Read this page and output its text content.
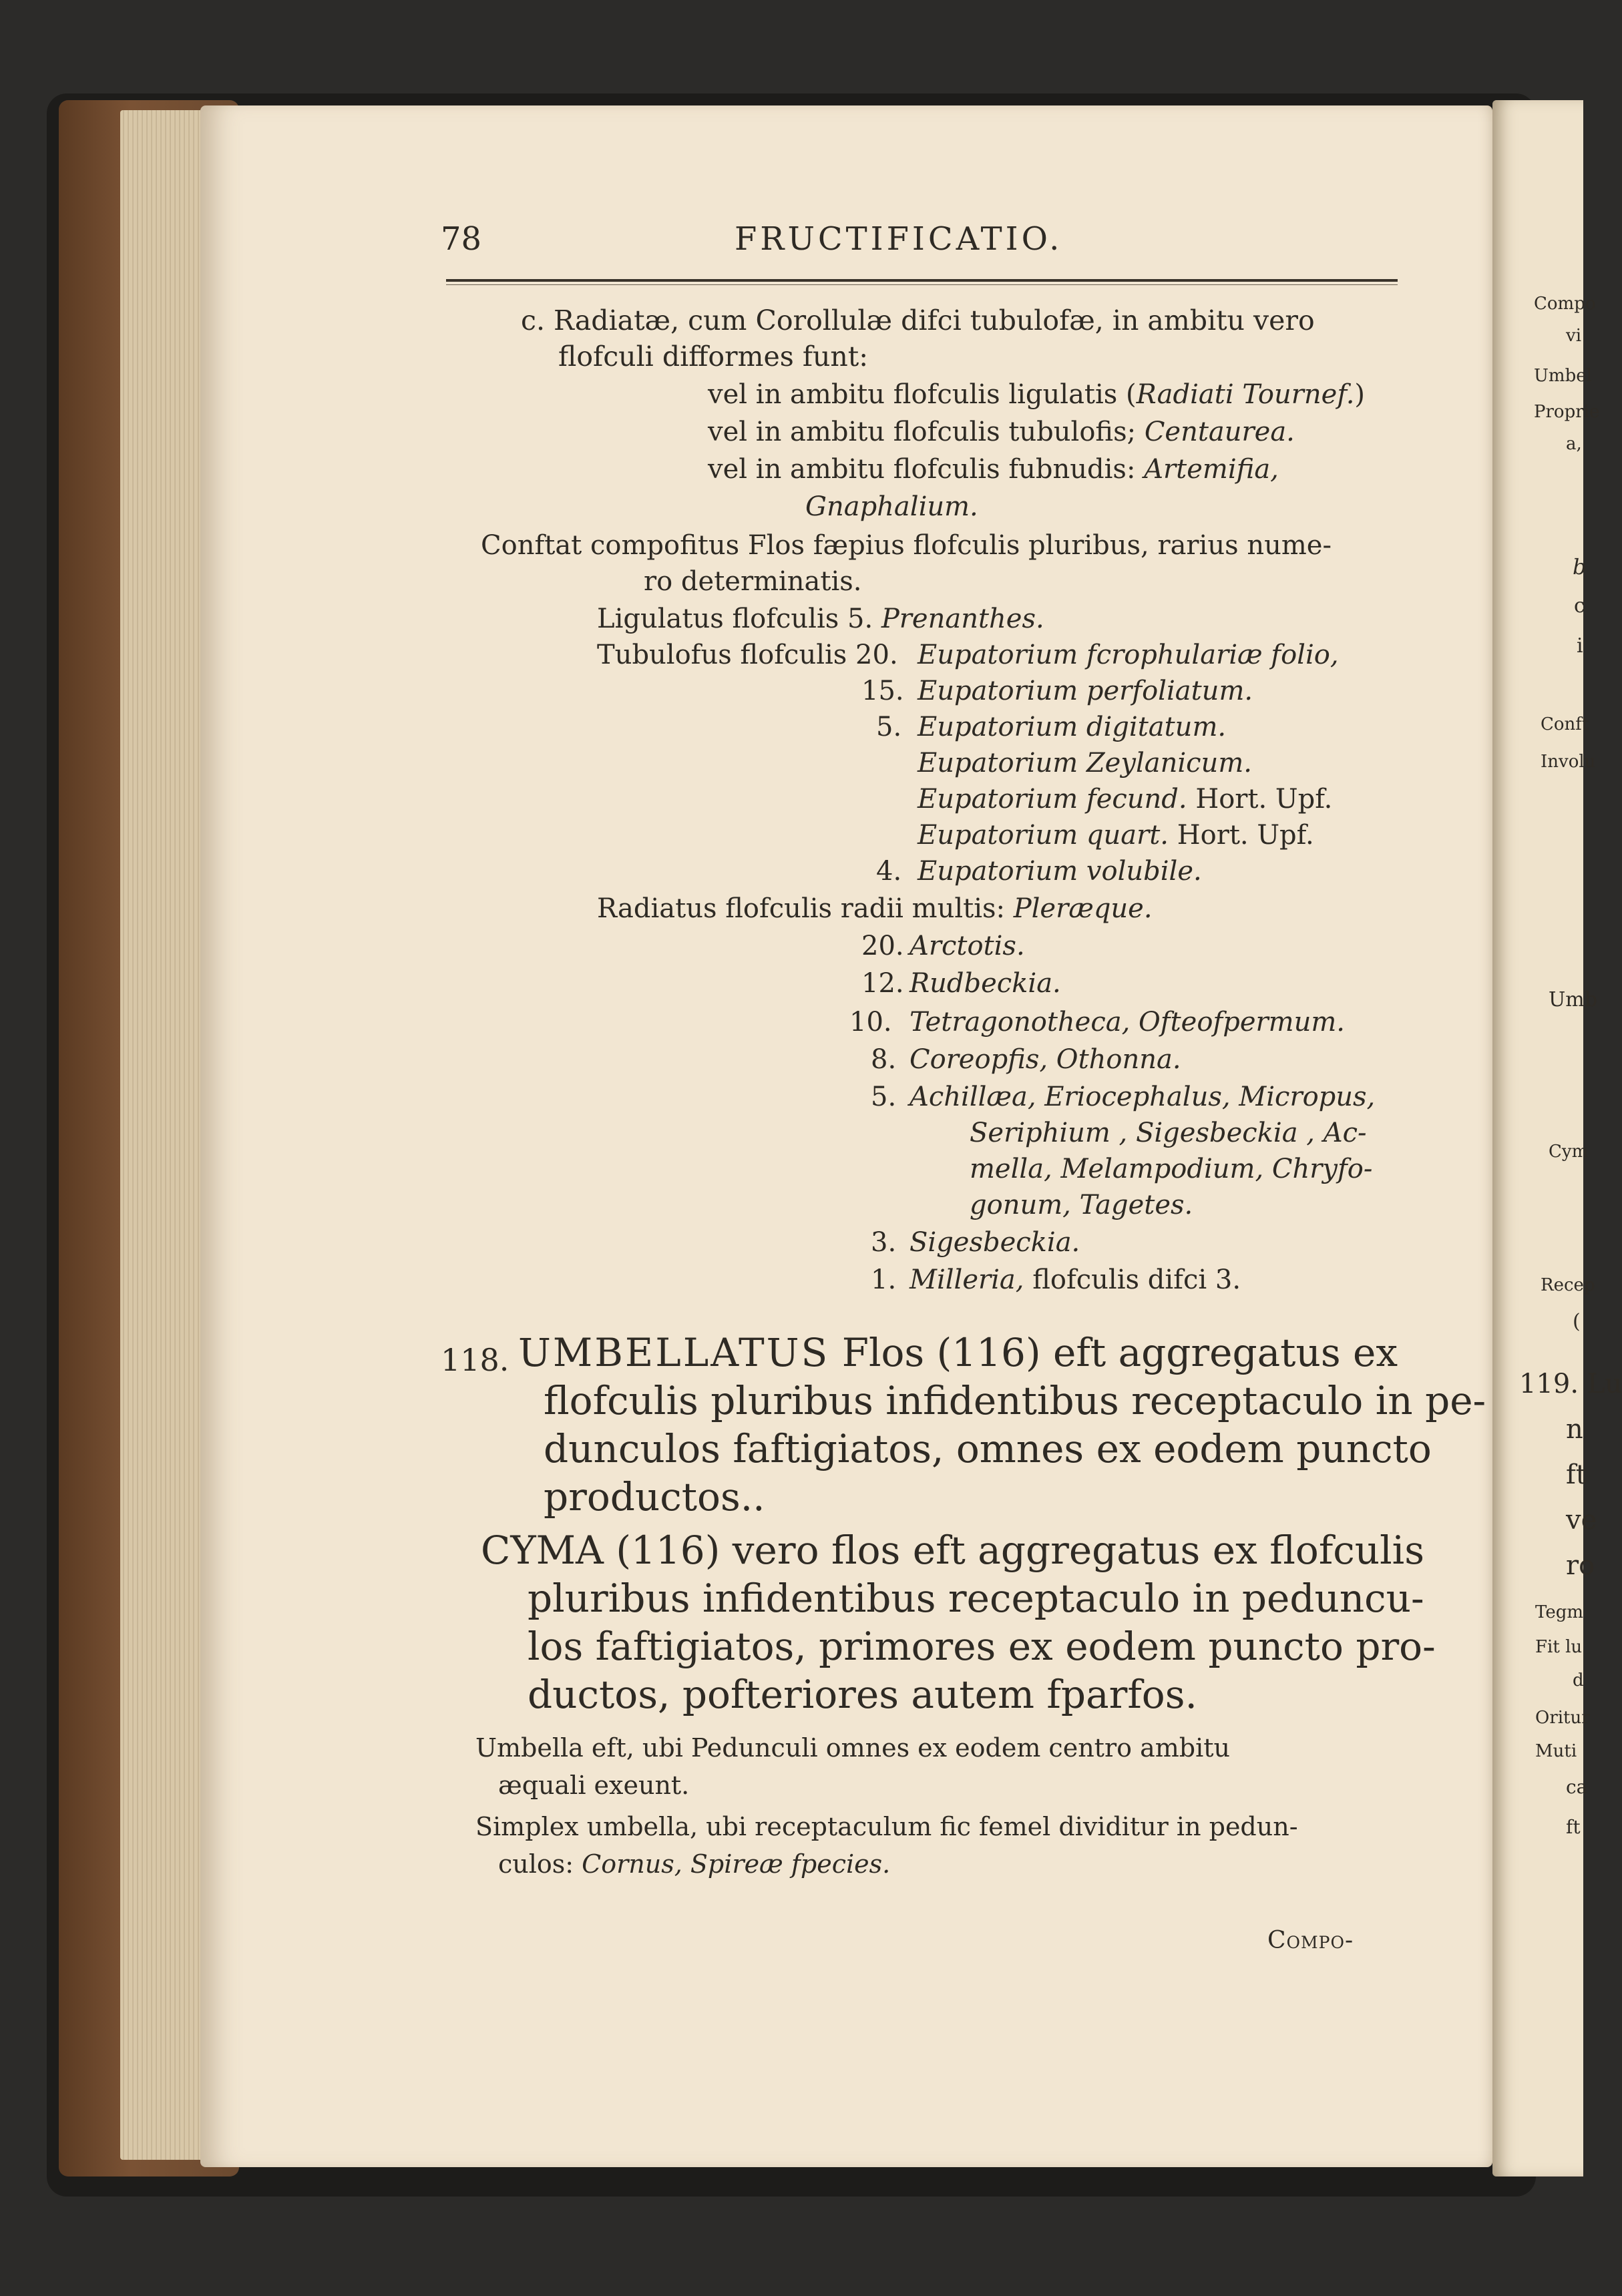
78	FRUCTIFICATIO.
c. Radiatæ, cum Corollulæ difci tubulofæ, in ambitu vero
flofculi difformes funt:
vel in ambitu flofculis ligulatis (Radiati Tournef.)
vel in ambitu flofculis tubulofis; Centaurea.
vel in ambitu flofculis fubnudis: Artemifia,
Gnaphalium.
Conftat compofitus Flos fæpius flofculis pluribus, rarius nume-
ro determinatis.
Ligulatus flofculis 5. Prenanthes.
Tubulofus flofculis 20. Eupatorium fcrophulariæ folio,
15. Eupatorium perfoliatum.
5. Eupatorium digitatum.
Eupatorium Zeylanicum.
Eupatorium fecund. Hort. Upf.
Eupatorium quart. Hort. Upf.
4. Eupatorium volubile.
Radiatus flofculis radii multis: Pleræque.
20. Arctotis.
12. Rudbeckia.
10. Tetragonotheca, Ofteofpermum.
8. Coreopfis, Othonna.
5. Achillæa, Eriocephalus, Micropus,
Seriphium , Sigesbeckia , Ac-
mella, Melampodium, Chryfo-
gonum, Tagetes.
3. Sigesbeckia.
1. Milleria, flofculis difci 3.
118. UMBELLATUS Flos (116) eft aggregatus ex
flofculis pluribus infidentibus receptaculo in pe-
dunculos faftigiatos, omnes ex eodem puncto
productos..
CYMA (116) vero flos eft aggregatus ex flofculis
pluribus infidentibus receptaculo in peduncu-
los faftigiatos, primores ex eodem puncto pro-
ductos, pofteriores autem fparfos.
Umbella eft, ubi Pedunculi omnes ex eodem centro ambitu
æquali exeunt.
Simplex umbella, ubi receptaculum fic femel dividitur in pedun-
culos: Cornus, Spireæ fpecies.
Compo-
Compo
vi
Umbel
Proprie
a,
b
c
i
Conft
Involu
Umb
Cym
Recep
(
119. Lu
n
ft
ve
ro
Tegm
Fit lu
d
Oritur
Muti
ca
ft
